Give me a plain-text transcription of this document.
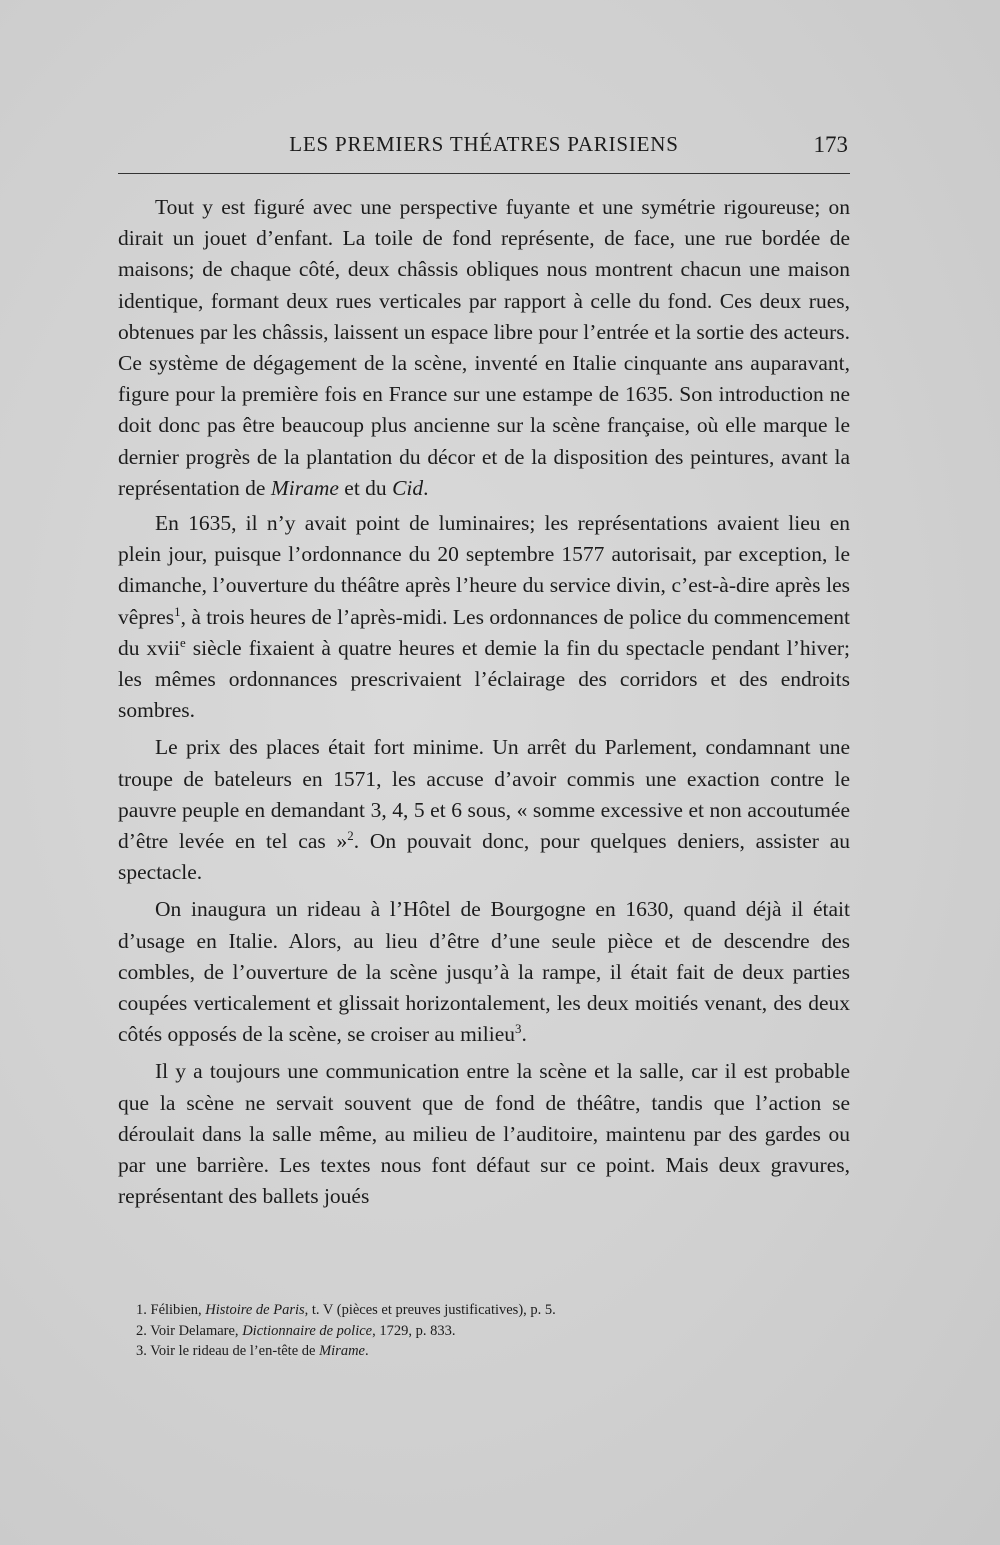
LES PREMIERS THÉATRES PARISIENS	173

Tout y est figuré avec une perspective fuyante et une symétrie rigoureuse; on dirait un jouet d’enfant. La toile de fond représente, de face, une rue bordée de maisons; de chaque côté, deux châssis obliques nous montrent chacun une maison identique, formant deux rues verticales par rapport à celle du fond. Ces deux rues, obtenues par les châssis, laissent un espace libre pour l’entrée et la sortie des acteurs. Ce système de dégagement de la scène, inventé en Italie cinquante ans auparavant, figure pour la première fois en France sur une estampe de 1635. Son introduction ne doit donc pas être beaucoup plus ancienne sur la scène française, où elle marque le dernier progrès de la plantation du décor et de la disposition des peintures, avant la représentation de Mirame et du Cid.

En 1635, il n’y avait point de luminaires; les représentations avaient lieu en plein jour, puisque l’ordonnance du 20 septembre 1577 autorisait, par exception, le dimanche, l’ouverture du théâtre après l’heure du service divin, c’est-à-dire après les vêpres$^1$, à trois heures de l’après-midi. Les ordonnances de police du commencement du xvii$^e$ siècle fixaient à quatre heures et demie la fin du spectacle pendant l’hiver; les mêmes ordonnances prescrivaient l’éclairage des corridors et des endroits sombres.

Le prix des places était fort minime. Un arrêt du Parlement, condamnant une troupe de bateleurs en 1571, les accuse d’avoir commis une exaction contre le pauvre peuple en demandant 3, 4, 5 et 6 sous, « somme excessive et non accoutumée d’être levée en tel cas »$^2$. On pouvait donc, pour quelques deniers, assister au spectacle.

On inaugura un rideau à l’Hôtel de Bourgogne en 1630, quand déjà il était d’usage en Italie. Alors, au lieu d’être d’une seule pièce et de descendre des combles, de l’ouverture de la scène jusqu’à la rampe, il était fait de deux parties coupées verticalement et glissait horizontalement, les deux moitiés venant, des deux côtés opposés de la scène, se croiser au milieu$^3$.

Il y a toujours une communication entre la scène et la salle, car il est probable que la scène ne servait souvent que de fond de théâtre, tandis que l’action se déroulait dans la salle même, au milieu de l’auditoire, maintenu par des gardes ou par une barrière. Les textes nous font défaut sur ce point. Mais deux gravures, représentant des ballets joués

1. Félibien, Histoire de Paris, t. V (pièces et preuves justificatives), p. 5.
2. Voir Delamare, Dictionnaire de police, 1729, p. 833.
3. Voir le rideau de l’en-tête de Mirame.
